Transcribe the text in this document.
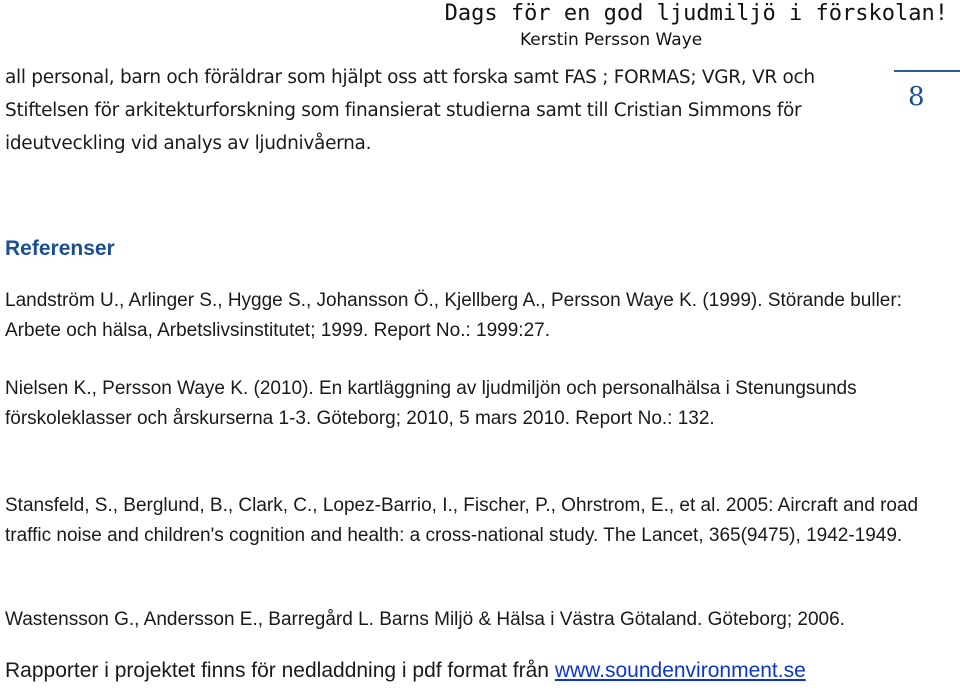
Dags för en god ljudmiljö i förskolan!
Kerstin Persson Waye
8

all personal, barn och föräldrar som hjälpt oss att forska samt FAS ; FORMAS; VGR, VR och Stiftelsen för arkitekturforskning som finansierat studierna samt till Cristian Simmons för ideutveckling vid analys av ljudnivåerna.

Referenser

Landström U., Arlinger S., Hygge S., Johansson Ö., Kjellberg A., Persson Waye K. (1999). Störande buller: Arbete och hälsa, Arbetslivsinstitutet; 1999. Report No.: 1999:27.

Nielsen K., Persson Waye K. (2010). En kartläggning av ljudmiljön och personalhälsa i Stenungsunds förskoleklasser och årskurserna 1-3. Göteborg; 2010, 5 mars 2010. Report No.: 132.

Stansfeld, S., Berglund, B., Clark, C., Lopez-Barrio, I., Fischer, P., Ohrstrom, E., et al. 2005: Aircraft and road traffic noise and children's cognition and health: a cross-national study. The Lancet, 365(9475), 1942-1949.

Wastensson G., Andersson E., Barregård L. Barns Miljö & Hälsa i Västra Götaland. Göteborg; 2006.

Rapporter i projektet finns för nedladdning i pdf format från www.soundenvironment.se
